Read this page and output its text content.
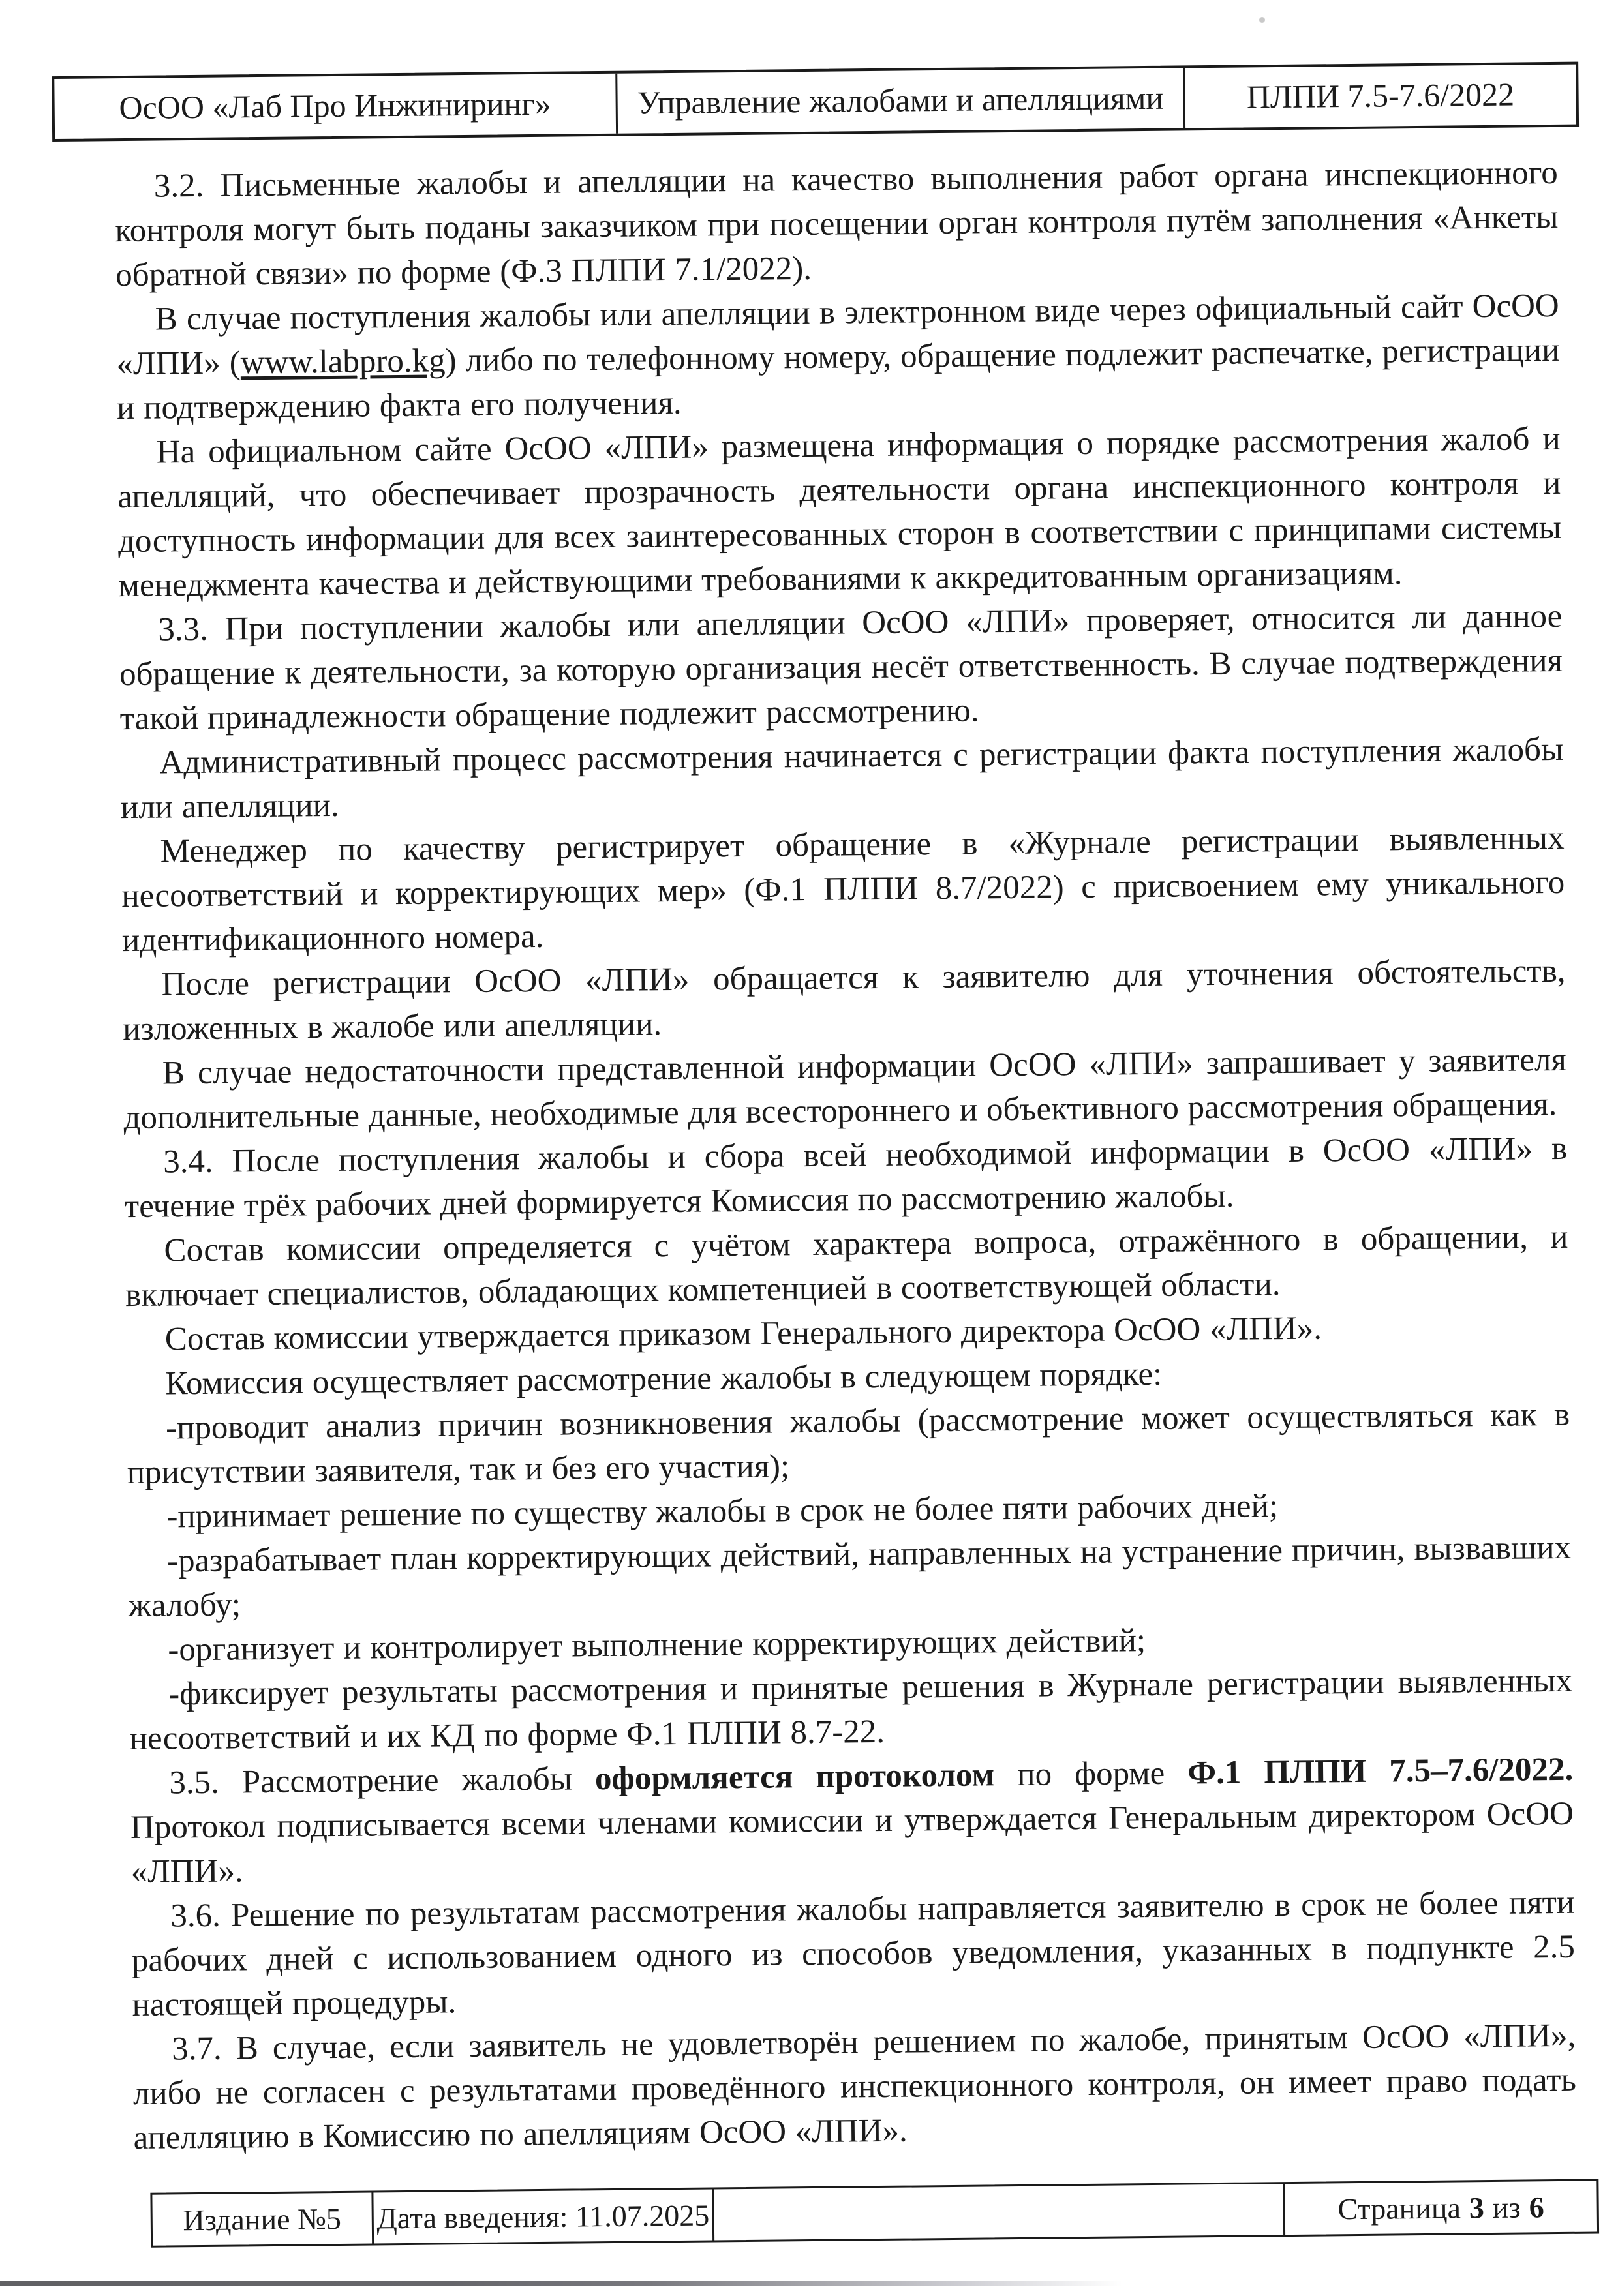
ОсОО «Лаб Про Инжиниринг»	Управление жалобами и апелляциями	ПЛПИ 7.5-7.6/2022

3.2. Письменные жалобы и апелляции на качество выполнения работ органа инспекционного контроля могут быть поданы заказчиком при посещении орган контроля путём заполнения «Анкеты обратной связи» по форме (Ф.3 ПЛПИ 7.1/2022).

В случае поступления жалобы или апелляции в электронном виде через официальный сайт ОсОО «ЛПИ» (www.labpro.kg) либо по телефонному номеру, обращение подлежит распечатке, регистрации и подтверждению факта его получения.

На официальном сайте ОсОО «ЛПИ» размещена информация о порядке рассмотрения жалоб и апелляций, что обеспечивает прозрачность деятельности органа инспекционного контроля и доступность информации для всех заинтересованных сторон в соответствии с принципами системы менеджмента качества и действующими требованиями к аккредитованным организациям.

3.3. При поступлении жалобы или апелляции ОсОО «ЛПИ» проверяет, относится ли данное обращение к деятельности, за которую организация несёт ответственность. В случае подтверждения такой принадлежности обращение подлежит рассмотрению.

Административный процесс рассмотрения начинается с регистрации факта поступления жалобы или апелляции.

Менеджер по качеству регистрирует обращение в «Журнале регистрации выявленных несоответствий и корректирующих мер» (Ф.1 ПЛПИ 8.7/2022) с присвоением ему уникального идентификационного номера.

После регистрации ОсОО «ЛПИ» обращается к заявителю для уточнения обстоятельств, изложенных в жалобе или апелляции.

В случае недостаточности представленной информации ОсОО «ЛПИ» запрашивает у заявителя дополнительные данные, необходимые для всестороннего и объективного рассмотрения обращения.

3.4. После поступления жалобы и сбора всей необходимой информации в ОсОО «ЛПИ» в течение трёх рабочих дней формируется Комиссия по рассмотрению жалобы.

Состав комиссии определяется с учётом характера вопроса, отражённого в обращении, и включает специалистов, обладающих компетенцией в соответствующей области.

Состав комиссии утверждается приказом Генерального директора ОсОО «ЛПИ».

Комиссия осуществляет рассмотрение жалобы в следующем порядке:

-проводит анализ причин возникновения жалобы (рассмотрение может осуществляться как в присутствии заявителя, так и без его участия);

-принимает решение по существу жалобы в срок не более пяти рабочих дней;

-разрабатывает план корректирующих действий, направленных на устранение причин, вызвавших жалобу;

-организует и контролирует выполнение корректирующих действий;

-фиксирует результаты рассмотрения и принятые решения в Журнале регистрации выявленных несоответствий и их КД по форме Ф.1 ПЛПИ 8.7-22.

3.5. Рассмотрение жалобы оформляется протоколом по форме Ф.1 ПЛПИ 7.5–7.6/2022. Протокол подписывается всеми членами комиссии и утверждается Генеральным директором ОсОО «ЛПИ».

3.6. Решение по результатам рассмотрения жалобы направляется заявителю в срок не более пяти рабочих дней с использованием одного из способов уведомления, указанных в подпункте 2.5 настоящей процедуры.

3.7. В случае, если заявитель не удовлетворён решением по жалобе, принятым ОсОО «ЛПИ», либо не согласен с результатами проведённого инспекционного контроля, он имеет право подать апелляцию в Комиссию по апелляциям ОсОО «ЛПИ».

Издание №5 Дата введения: 11.07.2025	Страница 3 из 6
